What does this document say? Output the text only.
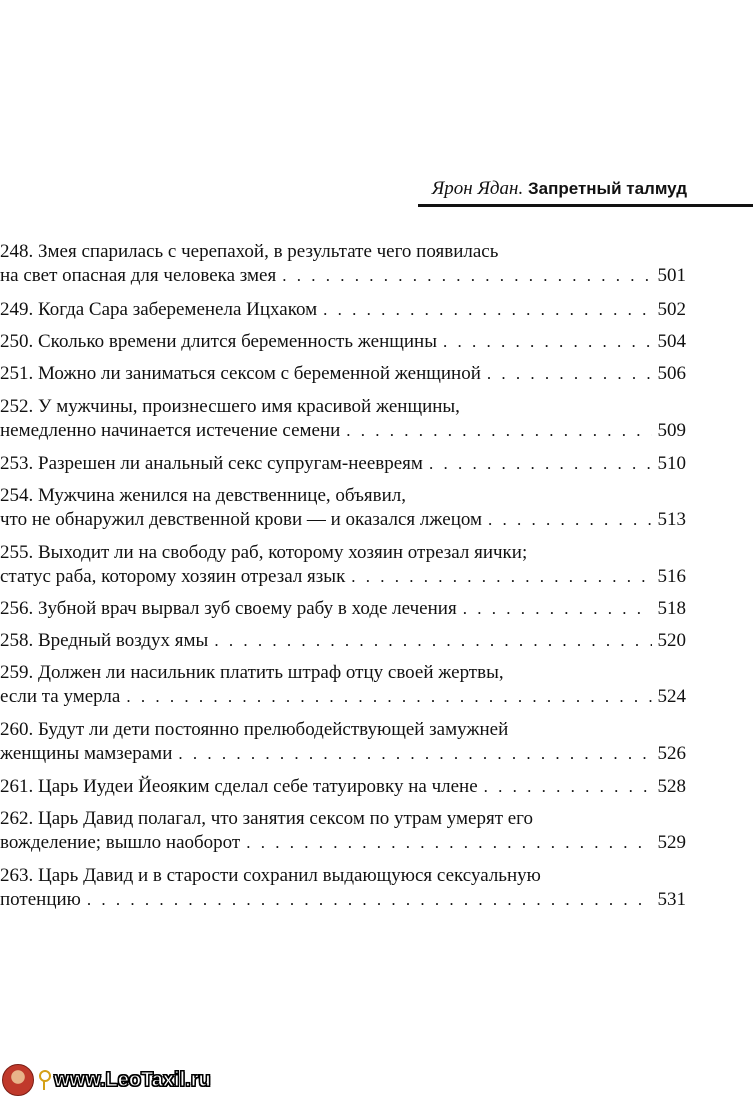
Ярон Ядан. Запретный талмуд
248. Змея спарилась с черепахой, в результате чего появилась
на свет опасная для человека змея . . .	501
249. Когда Сара забеременела Ицхаком . . .	502
250. Сколько времени длится беременность женщины . . .	504
251. Можно ли заниматься сексом с беременной женщиной . . .	506
252. У мужчины, произнесшего имя красивой женщины,
немедленно начинается истечение семени . . .	509
253. Разрешен ли анальный секс супругам-неевреям . . .	510
254. Мужчина женился на девственнице, объявил,
что не обнаружил девственной крови — и оказался лжецом . . .	513
255. Выходит ли на свободу раб, которому хозяин отрезал яички;
статус раба, которому хозяин отрезал язык . . .	516
256. Зубной врач вырвал зуб своему рабу в ходе лечения . . .	518
258. Вредный воздух ямы . . .	520
259. Должен ли насильник платить штраф отцу своей жертвы,
если та умерла . . .	524
260. Будут ли дети постоянно прелюбодействующей замужней
женщины мамзерами . . .	526
261. Царь Иудеи Йеояким сделал себе татуировку на члене . . .	528
262. Царь Давид полагал, что занятия сексом по утрам умерят его
вожделение; вышло наоборот . . .	529
263. Царь Давид и в старости сохранил выдающуюся сексуальную
потенцию . . .	531
www.LeoTaxil.ru
